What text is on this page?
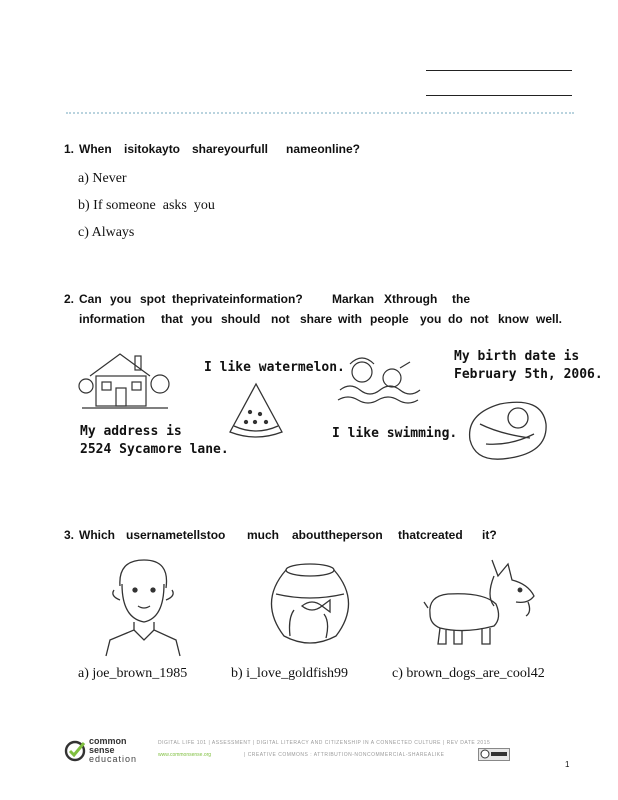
1. When isitokayto shareyourfull nameonline?
a) Never
b) If someone  asks  you
c) Always
2. Can you spot theprivateinformation? Markan Xthrough the
information that you should not share with people you do not know well.
My address is
2524 Sycamore lane.
I like watermelon.
I like swimming.
My birth date is
February 5th, 2006.
3. Which usernametellstoo much abouttheperson thatcreated it?
a) joe_brown_1985	b) i_love_goldfish99	c) brown_dogs_are_cool42
common
sense
education
DIGITAL LIFE 101 | ASSESSMENT | DIGITAL LITERACY AND CITIZENSHIP IN A CONNECTED CULTURE | REV DATE 2015
www.commonsense.org	| CREATIVE COMMONS : ATTRIBUTION-NONCOMMERCIAL-SHAREALIKE
1
